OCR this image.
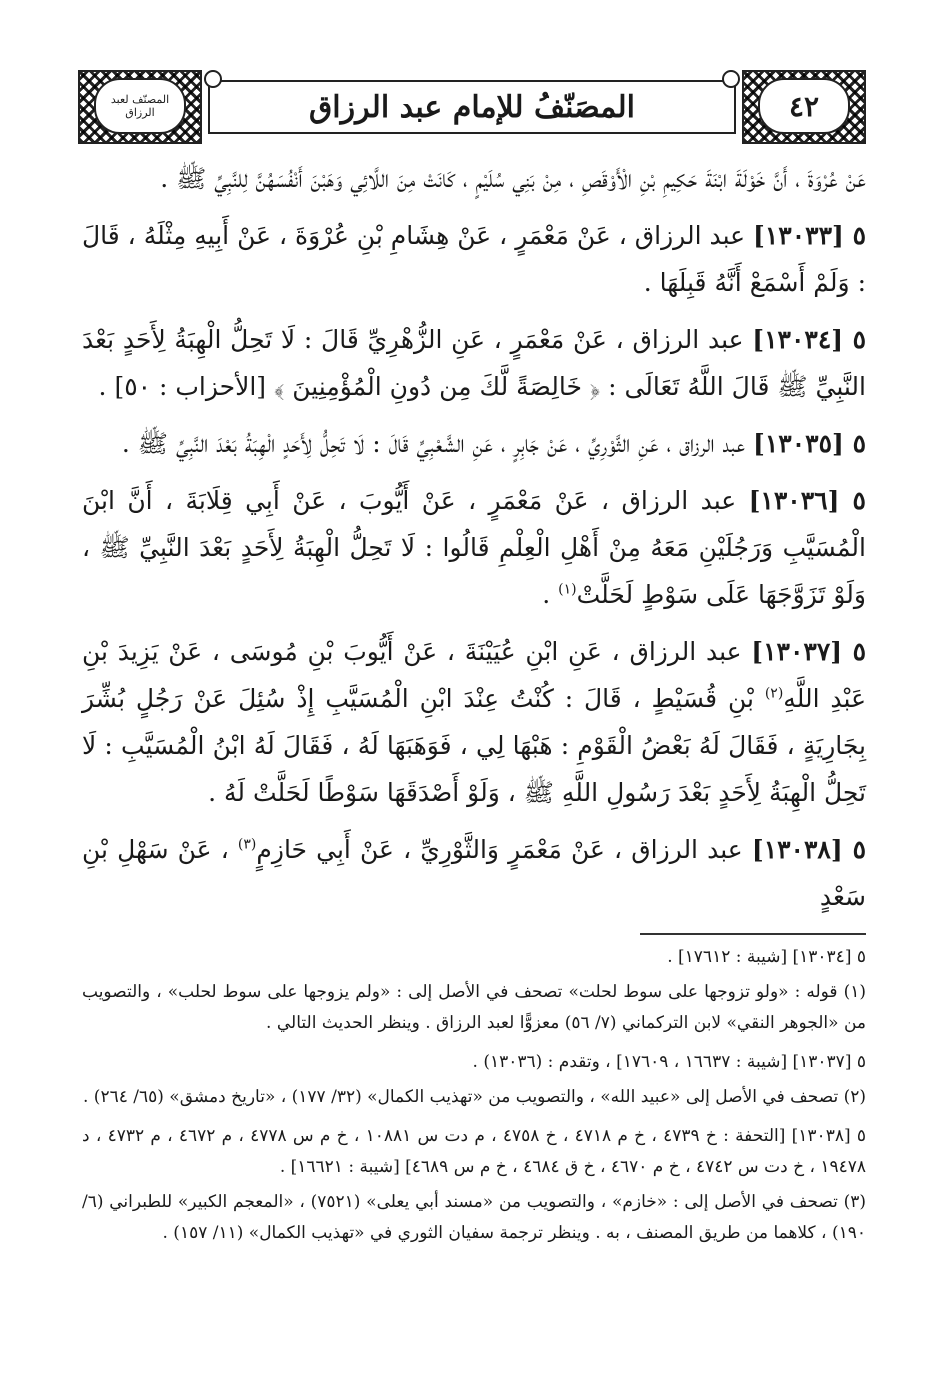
المصَنّفُ للإمام عبد الرزاق
المصنّف لعبد الرزاق	٤٢

عَنْ عُرْوَةَ ، أَنَّ خَوْلَةَ ابْنَةَ حَكِيمِ بْنِ الْأَوْقَصِ ، مِنْ بَنِي سُلَيْمٍ ، كَانَتْ مِنَ اللَّائِي وَهَبْنَ أَنْفُسَهُنَّ لِلنَّبِيِّ ﷺ .

٥ [١٣٠٣٣] عبد الرزاق ، عَنْ مَعْمَرٍ ، عَنْ هِشَامِ بْنِ عُرْوَةَ ، عَنْ أَبِيهِ مِثْلَهُ ، قَالَ : وَلَمْ أَسْمَعْ أَنَّهُ قَبِلَهَا .

٥ [١٣٠٣٤] عبد الرزاق ، عَنْ مَعْمَرٍ ، عَنِ الزُّهْرِيِّ قَالَ : لَا تَحِلُّ الْهِبَةُ لِأَحَدٍ بَعْدَ النَّبِيِّ ﷺ قَالَ اللَّهُ تَعَالَى : ﴿ خَالِصَةً لَّكَ مِن دُونِ الْمُؤْمِنِينَ ﴾ [الأحزاب : ٥٠] .

٥ [١٣٠٣٥] عبد الرزاق ، عَنِ الثَّوْرِيِّ ، عَنْ جَابِرٍ ، عَنِ الشَّعْبِيِّ قَالَ : لَا تَحِلُّ لِأَحَدٍ الْهِبَةُ بَعْدَ النَّبِيِّ ﷺ .

٥ [١٣٠٣٦] عبد الرزاق ، عَنْ مَعْمَرٍ ، عَنْ أَيُّوبَ ، عَنْ أَبِي قِلَابَةَ ، أَنَّ ابْنَ الْمُسَيَّبِ وَرَجُلَيْنِ مَعَهُ مِنْ أَهْلِ الْعِلْمِ قَالُوا : لَا تَحِلُّ الْهِبَةُ لِأَحَدٍ بَعْدَ النَّبِيِّ ﷺ ، وَلَوْ تَزَوَّجَهَا عَلَى سَوْطٍ لَحَلَّتْ$^{(١)}$ .

٥ [١٣٠٣٧] عبد الرزاق ، عَنِ ابْنِ عُيَيْنَةَ ، عَنْ أَيُّوبَ بْنِ مُوسَى ، عَنْ يَزِيدَ بْنِ عَبْدِ اللَّهِ$^{(٢)}$ بْنِ قُسَيْطٍ ، قَالَ : كُنْتُ عِنْدَ ابْنِ الْمُسَيَّبِ إِذْ سُئِلَ عَنْ رَجُلٍ بُشِّرَ بِجَارِيَةٍ ، فَقَالَ لَهُ بَعْضُ الْقَوْمِ : هَبْهَا لِي ، فَوَهَبَهَا لَهُ ، فَقَالَ لَهُ ابْنُ الْمُسَيَّبِ : لَا تَحِلُّ الْهِبَةُ لِأَحَدٍ بَعْدَ رَسُولِ اللَّهِ ﷺ ، وَلَوْ أَصْدَقَهَا سَوْطًا لَحَلَّتْ لَهُ .

٥ [١٣٠٣٨] عبد الرزاق ، عَنْ مَعْمَرٍ وَالثَّوْرِيِّ ، عَنْ أَبِي حَازِمٍ$^{(٣)}$ ، عَنْ سَهْلِ بْنِ سَعْدٍ

٥ [١٣٠٣٤] [شيبة : ١٧٦١٢] .

(١) قوله : «ولو تزوجها على سوط لحلت» تصحف في الأصل إلى : «ولم يزوجها على سوط لحلب» ، والتصويب من «الجوهر النقي» لابن التركماني (٧/ ٥٦) معزوًّا لعبد الرزاق . وينظر الحديث التالي .

٥ [١٣٠٣٧] [شيبة : ١٦٦٣٧ ، ١٧٦٠٩] ، وتقدم : (١٣٠٣٦) .

(٢) تصحف في الأصل إلى «عبيد الله» ، والتصويب من «تهذيب الكمال» (٣٢/ ١٧٧) ، «تاريخ دمشق» (٦٥/ ٢٦٤) .

٥ [١٣٠٣٨] [التحفة : خ ٤٧٣٩ ، خ م ٤٧١٨ ، خ ٤٧٥٨ ، م دت س ١٠٨٨١ ، خ م س ٤٧٧٨ ، م ٤٦٧٢ ، م ٤٧٣٢ ، د ١٩٤٧٨ ، خ دت س ٤٧٤٢ ، خ م ٤٦٧٠ ، خ ق ٤٦٨٤ ، خ م س ٤٦٨٩] [شيبة : ١٦٦٢١] .

(٣) تصحف في الأصل إلى : «خازم» ، والتصويب من «مسند أبي يعلى» (٧٥٢١) ، «المعجم الكبير» للطبراني (٦/ ١٩٠) ، كلاهما من طريق المصنف ، به . وينظر ترجمة سفيان الثوري في «تهذيب الكمال» (١١/ ١٥٧) .
